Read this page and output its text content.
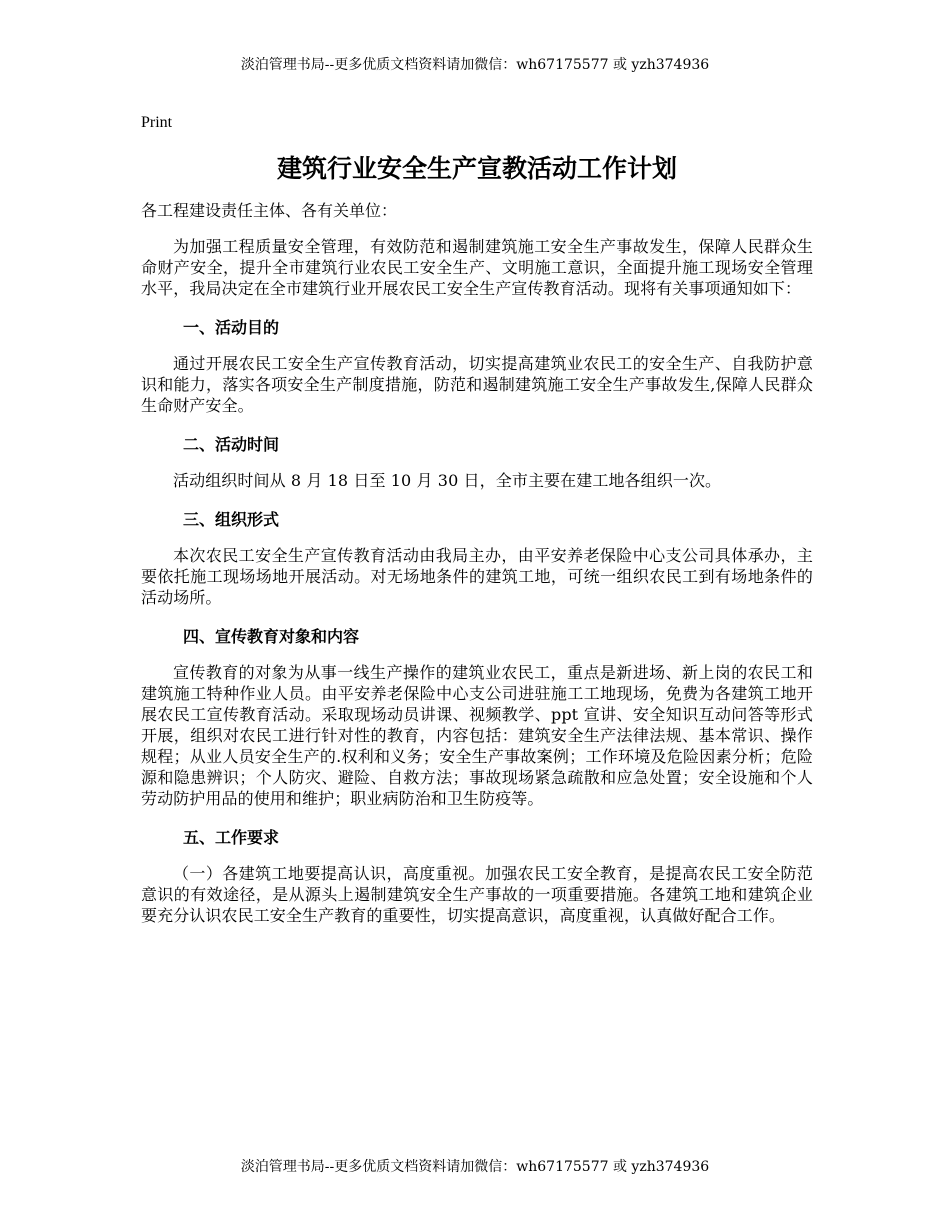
淡泊管理书局--更多优质文档资料请加微信：wh67175577 或 yzh374936

Print

建筑行业安全生产宣教活动工作计划

各工程建设责任主体、各有关单位：

为加强工程质量安全管理，有效防范和遏制建筑施工安全生产事故发生，保障人民群众生命财产安全，提升全市建筑行业农民工安全生产、文明施工意识，全面提升施工现场安全管理水平，我局决定在全市建筑行业开展农民工安全生产宣传教育活动。现将有关事项通知如下：

一、活动目的

通过开展农民工安全生产宣传教育活动，切实提高建筑业农民工的安全生产、自我防护意识和能力，落实各项安全生产制度措施，防范和遏制建筑施工安全生产事故发生,保障人民群众生命财产安全。

二、活动时间

活动组织时间从 8 月 18 日至 10 月 30 日，全市主要在建工地各组织一次。

三、组织形式

本次农民工安全生产宣传教育活动由我局主办，由平安养老保险中心支公司具体承办，主要依托施工现场场地开展活动。对无场地条件的建筑工地，可统一组织农民工到有场地条件的活动场所。

四、宣传教育对象和内容

宣传教育的对象为从事一线生产操作的建筑业农民工，重点是新进场、新上岗的农民工和建筑施工特种作业人员。由平安养老保险中心支公司进驻施工工地现场，免费为各建筑工地开展农民工宣传教育活动。采取现场动员讲课、视频教学、ppt 宣讲、安全知识互动问答等形式开展，组织对农民工进行针对性的教育，内容包括：建筑安全生产法律法规、基本常识、操作规程；从业人员安全生产的.权利和义务；安全生产事故案例；工作环境及危险因素分析；危险源和隐患辨识；个人防灾、避险、自救方法；事故现场紧急疏散和应急处置；安全设施和个人劳动防护用品的使用和维护；职业病防治和卫生防疫等。

五、工作要求

（一）各建筑工地要提高认识，高度重视。加强农民工安全教育，是提高农民工安全防范意识的有效途径，是从源头上遏制建筑安全生产事故的一项重要措施。各建筑工地和建筑企业要充分认识农民工安全生产教育的重要性，切实提高意识，高度重视，认真做好配合工作。

淡泊管理书局--更多优质文档资料请加微信：wh67175577 或 yzh374936
